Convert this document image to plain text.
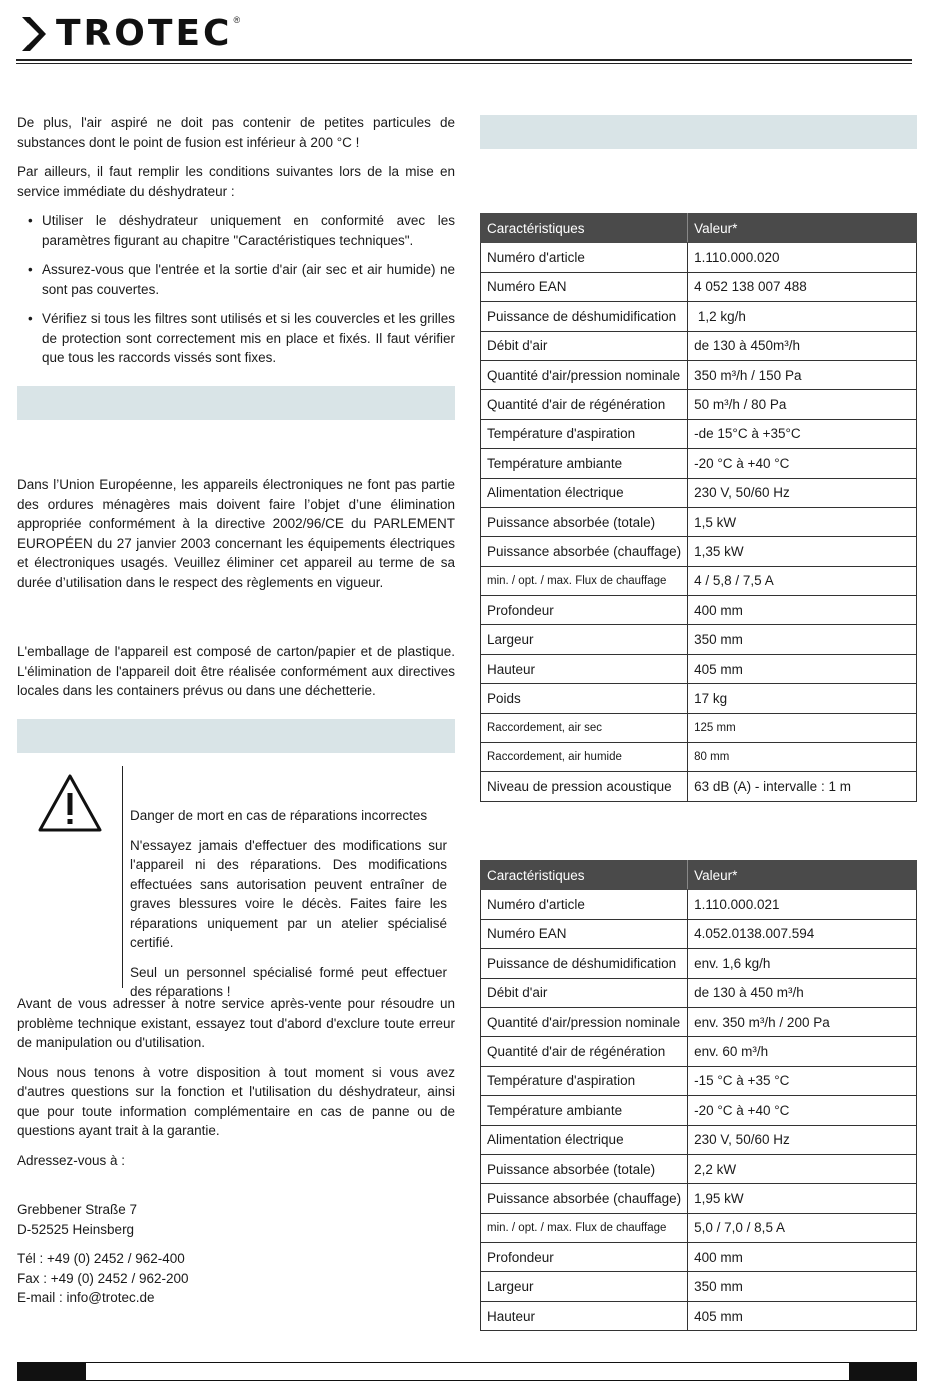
TROTEC ®

De plus, l'air aspiré ne doit pas contenir de petites particules de substances dont le point de fusion est inférieur à 200 °C !

Par ailleurs, il faut remplir les conditions suivantes lors de la mise en service immédiate du déshydrateur :

• Utiliser le déshydrateur uniquement en conformité avec les paramètres figurant au chapitre "Caractéristiques techniques".
• Assurez-vous que l'entrée et la sortie d'air (air sec et air humide) ne sont pas couvertes.
• Vérifiez si tous les filtres sont utilisés et si les couvercles et les grilles de protection sont correctement mis en place et fixés. Il faut vérifier que tous les raccords vissés sont fixes.

Dans l’Union Européenne, les appareils électroniques ne font pas partie des ordures ménagères mais doivent faire l’objet d’une élimination appropriée conformément à la directive 2002/96/CE du PARLEMENT EUROPÉEN du 27 janvier 2003 concernant les équipements électriques et électroniques usagés. Veuillez éliminer cet appareil au terme de sa durée d’utilisation dans le respect des règlements en vigueur.

L'emballage de l'appareil est composé de carton/papier et de plastique. L'élimination de l'appareil doit être réalisée conformément aux directives locales dans les containers prévus ou dans une déchetterie.

Danger de mort en cas de réparations incorrectes

N'essayez jamais d'effectuer des modifications sur l'appareil ni des réparations. Des modifications effectuées sans autorisation peuvent entraîner de graves blessures voire le décès. Faites faire les réparations uniquement par un atelier spécialisé certifié.

Seul un personnel spécialisé formé peut effectuer des réparations !

Avant de vous adresser à notre service après-vente pour résoudre un problème technique existant, essayez tout d'abord d'exclure toute erreur de manipulation ou d'utilisation.

Nous nous tenons à votre disposition à tout moment si vous avez d'autres questions sur la fonction et l'utilisation du déshydrateur, ainsi que pour toute information complémentaire en cas de panne ou de questions ayant trait à la garantie.

Adressez-vous à :

Grebbener Straße 7
D-52525 Heinsberg
Tél : +49 (0) 2452 / 962-400
Fax : +49 (0) 2452 / 962-200
E-mail : info@trotec.de
Caractéristiques	Valeur*
Numéro d'article	1.110.000.020
Numéro EAN	4 052 138 007 488
Puissance de déshumidification	1,2 kg/h
Débit d'air	de 130 à 450m³/h
Quantité d'air/pression nominale	350 m³/h / 150 Pa
Quantité d'air de régénération	50 m³/h / 80 Pa
Température d'aspiration	-de 15°C à +35°C
Température ambiante	-20 °C à +40 °C
Alimentation électrique	230 V, 50/60 Hz
Puissance absorbée (totale)	1,5 kW
Puissance absorbée (chauffage)	1,35 kW
min. / opt. / max. Flux de chauffage	4 / 5,8 / 7,5 A
Profondeur	400 mm
Largeur	350 mm
Hauteur	405 mm
Poids	17 kg
Raccordement, air sec	125 mm
Raccordement, air humide	80 mm
Niveau de pression acoustique	63 dB (A) - intervalle : 1 m
Caractéristiques	Valeur*
Numéro d'article	1.110.000.021
Numéro EAN	4.052.0138.007.594
Puissance de déshumidification	env. 1,6 kg/h
Débit d'air	de 130 à 450 m³/h
Quantité d'air/pression nominale	env. 350 m³/h / 200 Pa
Quantité d'air de régénération	env. 60 m³/h
Température d'aspiration	-15 °C à +35 °C
Température ambiante	-20 °C à +40 °C
Alimentation électrique	230 V, 50/60 Hz
Puissance absorbée (totale)	2,2 kW
Puissance absorbée (chauffage)	1,95 kW
min. / opt. / max. Flux de chauffage	5,0 / 7,0 / 8,5 A
Profondeur	400 mm
Largeur	350 mm
Hauteur	405 mm
